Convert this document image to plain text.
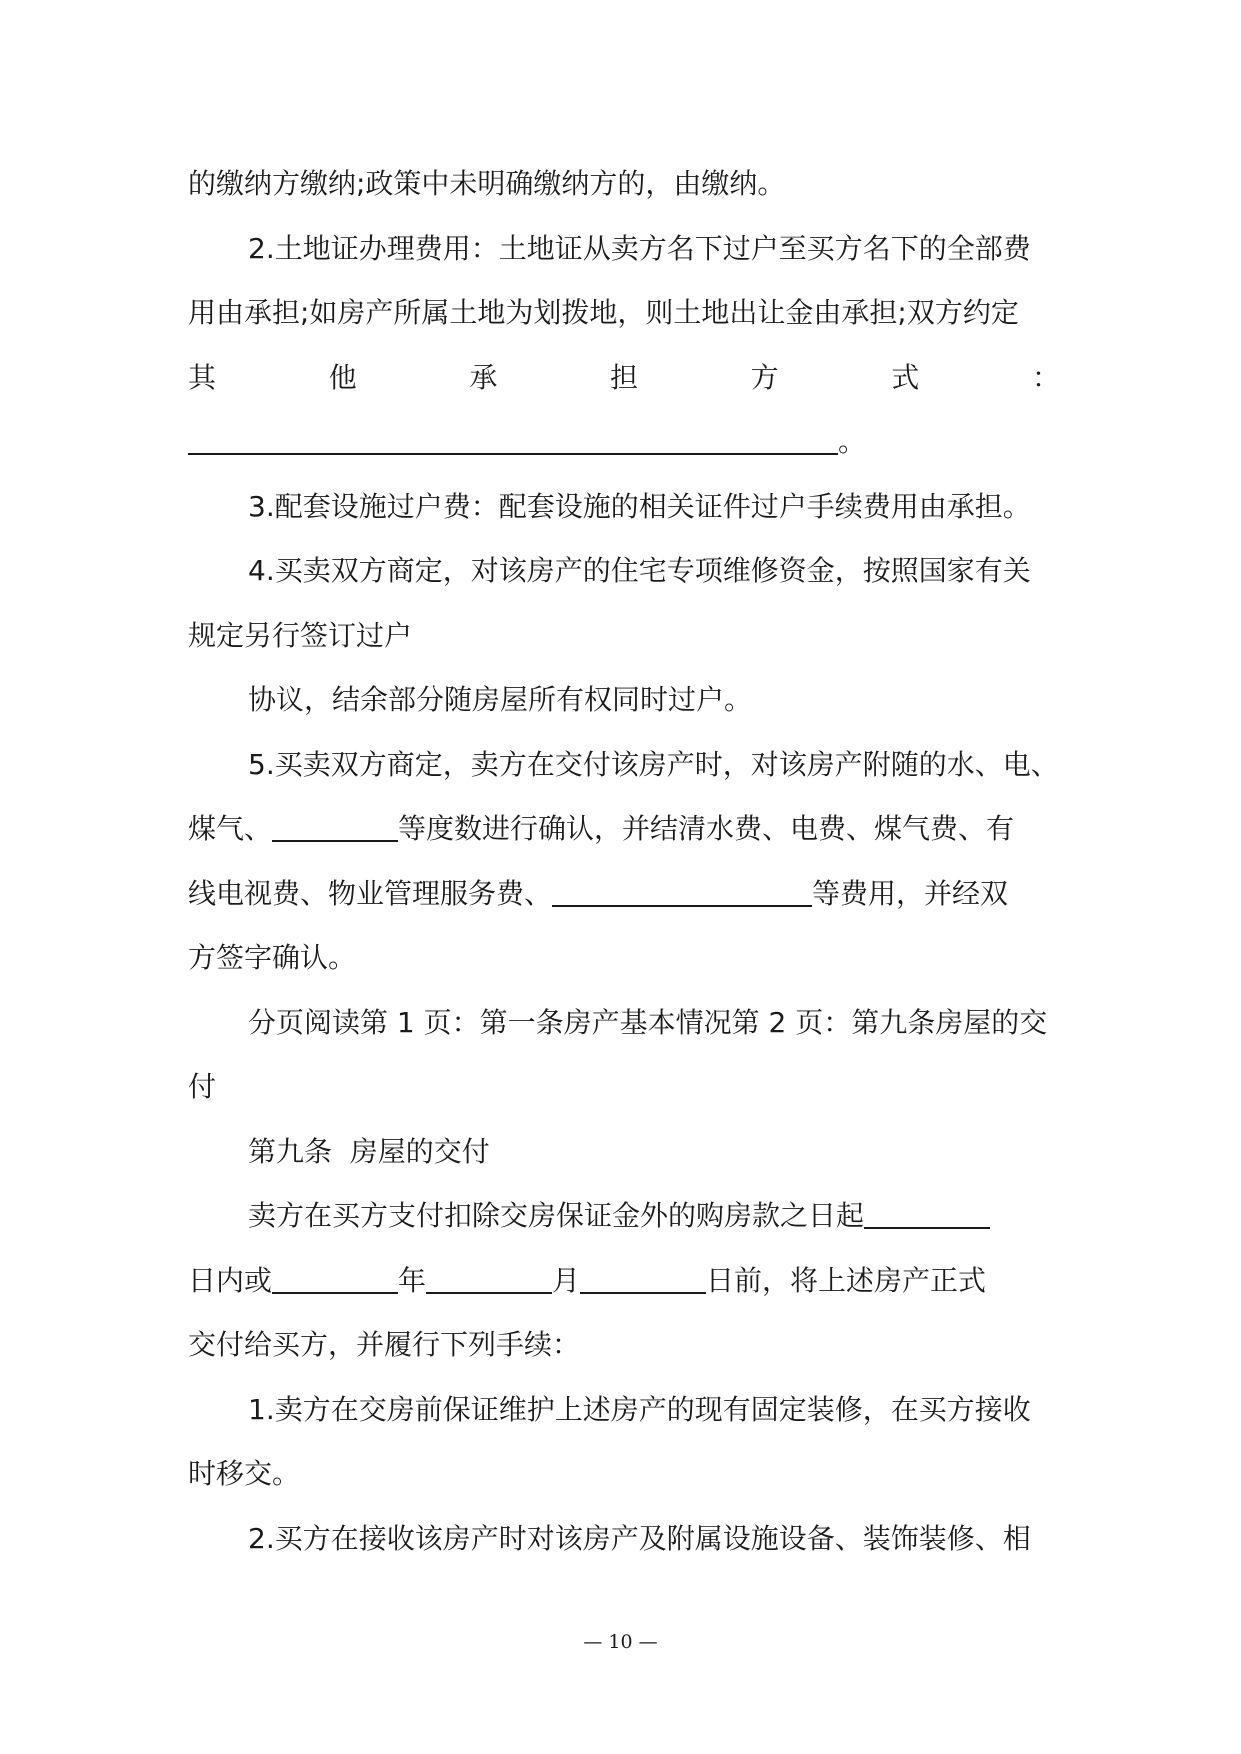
的缴纳方缴纳;政策中未明确缴纳方的，由缴纳。
2.土地证办理费用：土地证从卖方名下过户至买方名下的全部费
用由承担;如房产所属土地为划拨地，则土地出让金由承担;双方约定
其	他	承	担	方	式	：
。
3.配套设施过户费：配套设施的相关证件过户手续费用由承担。
4.买卖双方商定，对该房产的住宅专项维修资金，按照国家有关
规定另行签订过户
协议，结余部分随房屋所有权同时过户。
5.买卖双方商定，卖方在交付该房产时，对该房产附随的水、电、
煤气、	等度数进行确认，并结清水费、电费、煤气费、有
线电视费、物业管理服务费、	等费用，并经双
方签字确认。
分页阅读第 1 页：第一条房产基本情况第 2 页：第九条房屋的交
付
第九条  房屋的交付
卖方在买方支付扣除交房保证金外的购房款之日起
日内或	年	月	日前，将上述房产正式
交付给买方，并履行下列手续：
1.卖方在交房前保证维护上述房产的现有固定装修，在买方接收
时移交。
2.买方在接收该房产时对该房产及附属设施设备、装饰装修、相
— 10 —
